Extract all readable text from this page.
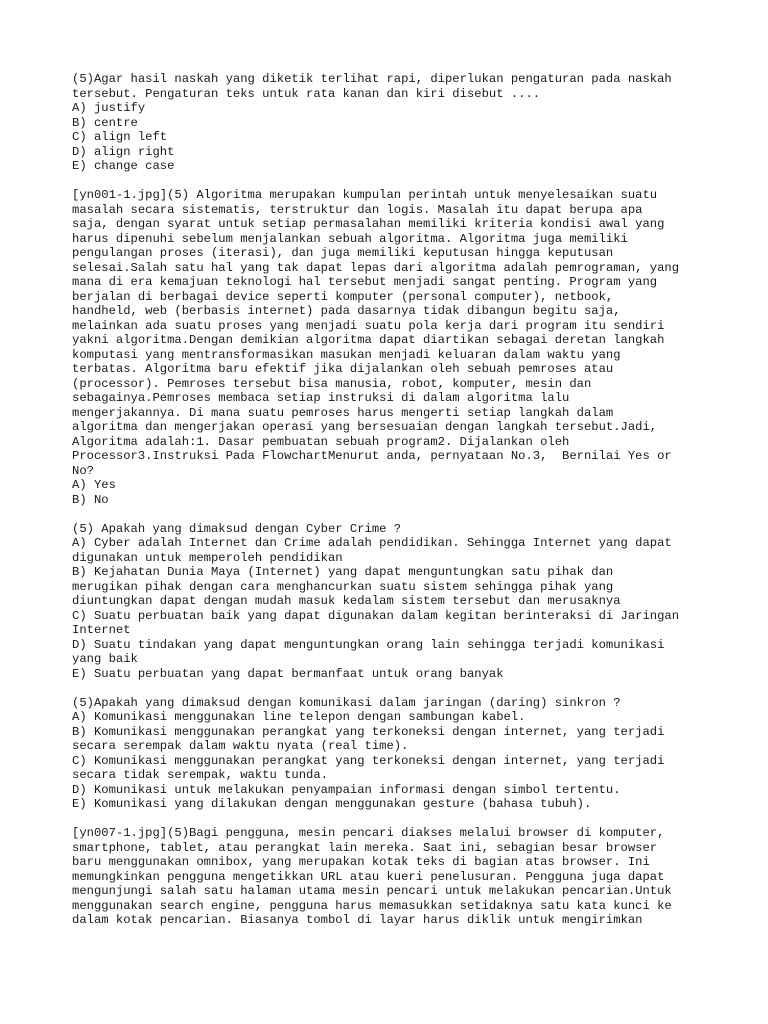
(5)Agar hasil naskah yang diketik terlihat rapi, diperlukan pengaturan pada naskah
tersebut. Pengaturan teks untuk rata kanan dan kiri disebut ....
A) justify
B) centre
C) align left
D) align right
E) change case
[yn001-1.jpg](5) Algoritma merupakan kumpulan perintah untuk menyelesaikan suatu
masalah secara sistematis, terstruktur dan logis. Masalah itu dapat berupa apa
saja, dengan syarat untuk setiap permasalahan memiliki kriteria kondisi awal yang
harus dipenuhi sebelum menjalankan sebuah algoritma. Algoritma juga memiliki
pengulangan proses (iterasi), dan juga memiliki keputusan hingga keputusan
selesai.Salah satu hal yang tak dapat lepas dari algoritma adalah pemrograman, yang
mana di era kemajuan teknologi hal tersebut menjadi sangat penting. Program yang
berjalan di berbagai device seperti komputer (personal computer), netbook,
handheld, web (berbasis internet) pada dasarnya tidak dibangun begitu saja,
melainkan ada suatu proses yang menjadi suatu pola kerja dari program itu sendiri
yakni algoritma.Dengan demikian algoritma dapat diartikan sebagai deretan langkah
komputasi yang mentransformasikan masukan menjadi keluaran dalam waktu yang
terbatas. Algoritma baru efektif jika dijalankan oleh sebuah pemroses atau
(processor). Pemroses tersebut bisa manusia, robot, komputer, mesin dan
sebagainya.Pemroses membaca setiap instruksi di dalam algoritma lalu
mengerjakannya. Di mana suatu pemroses harus mengerti setiap langkah dalam
algoritma dan mengerjakan operasi yang bersesuaian dengan langkah tersebut.Jadi,
Algoritma adalah:1. Dasar pembuatan sebuah program2. Dijalankan oleh
Processor3.Instruksi Pada FlowchartMenurut anda, pernyataan No.3,  Bernilai Yes or
No?
A) Yes
B) No
(5) Apakah yang dimaksud dengan Cyber Crime ?
A) Cyber adalah Internet dan Crime adalah pendidikan. Sehingga Internet yang dapat
digunakan untuk memperoleh pendidikan
B) Kejahatan Dunia Maya (Internet) yang dapat menguntungkan satu pihak dan
merugikan pihak dengan cara menghancurkan suatu sistem sehingga pihak yang
diuntungkan dapat dengan mudah masuk kedalam sistem tersebut dan merusaknya
C) Suatu perbuatan baik yang dapat digunakan dalam kegitan berinteraksi di Jaringan
Internet
D) Suatu tindakan yang dapat menguntungkan orang lain sehingga terjadi komunikasi
yang baik
E) Suatu perbuatan yang dapat bermanfaat untuk orang banyak
(5)Apakah yang dimaksud dengan komunikasi dalam jaringan (daring) sinkron ?
A) Komunikasi menggunakan line telepon dengan sambungan kabel.
B) Komunikasi menggunakan perangkat yang terkoneksi dengan internet, yang terjadi
secara serempak dalam waktu nyata (real time).
C) Komunikasi menggunakan perangkat yang terkoneksi dengan internet, yang terjadi
secara tidak serempak, waktu tunda.
D) Komunikasi untuk melakukan penyampaian informasi dengan simbol tertentu.
E) Komunikasi yang dilakukan dengan menggunakan gesture (bahasa tubuh).
[yn007-1.jpg](5)Bagi pengguna, mesin pencari diakses melalui browser di komputer,
smartphone, tablet, atau perangkat lain mereka. Saat ini, sebagian besar browser
baru menggunakan omnibox, yang merupakan kotak teks di bagian atas browser. Ini
memungkinkan pengguna mengetikkan URL atau kueri penelusuran. Pengguna juga dapat
mengunjungi salah satu halaman utama mesin pencari untuk melakukan pencarian.Untuk
menggunakan search engine, pengguna harus memasukkan setidaknya satu kata kunci ke
dalam kotak pencarian. Biasanya tombol di layar harus diklik untuk mengirimkan
